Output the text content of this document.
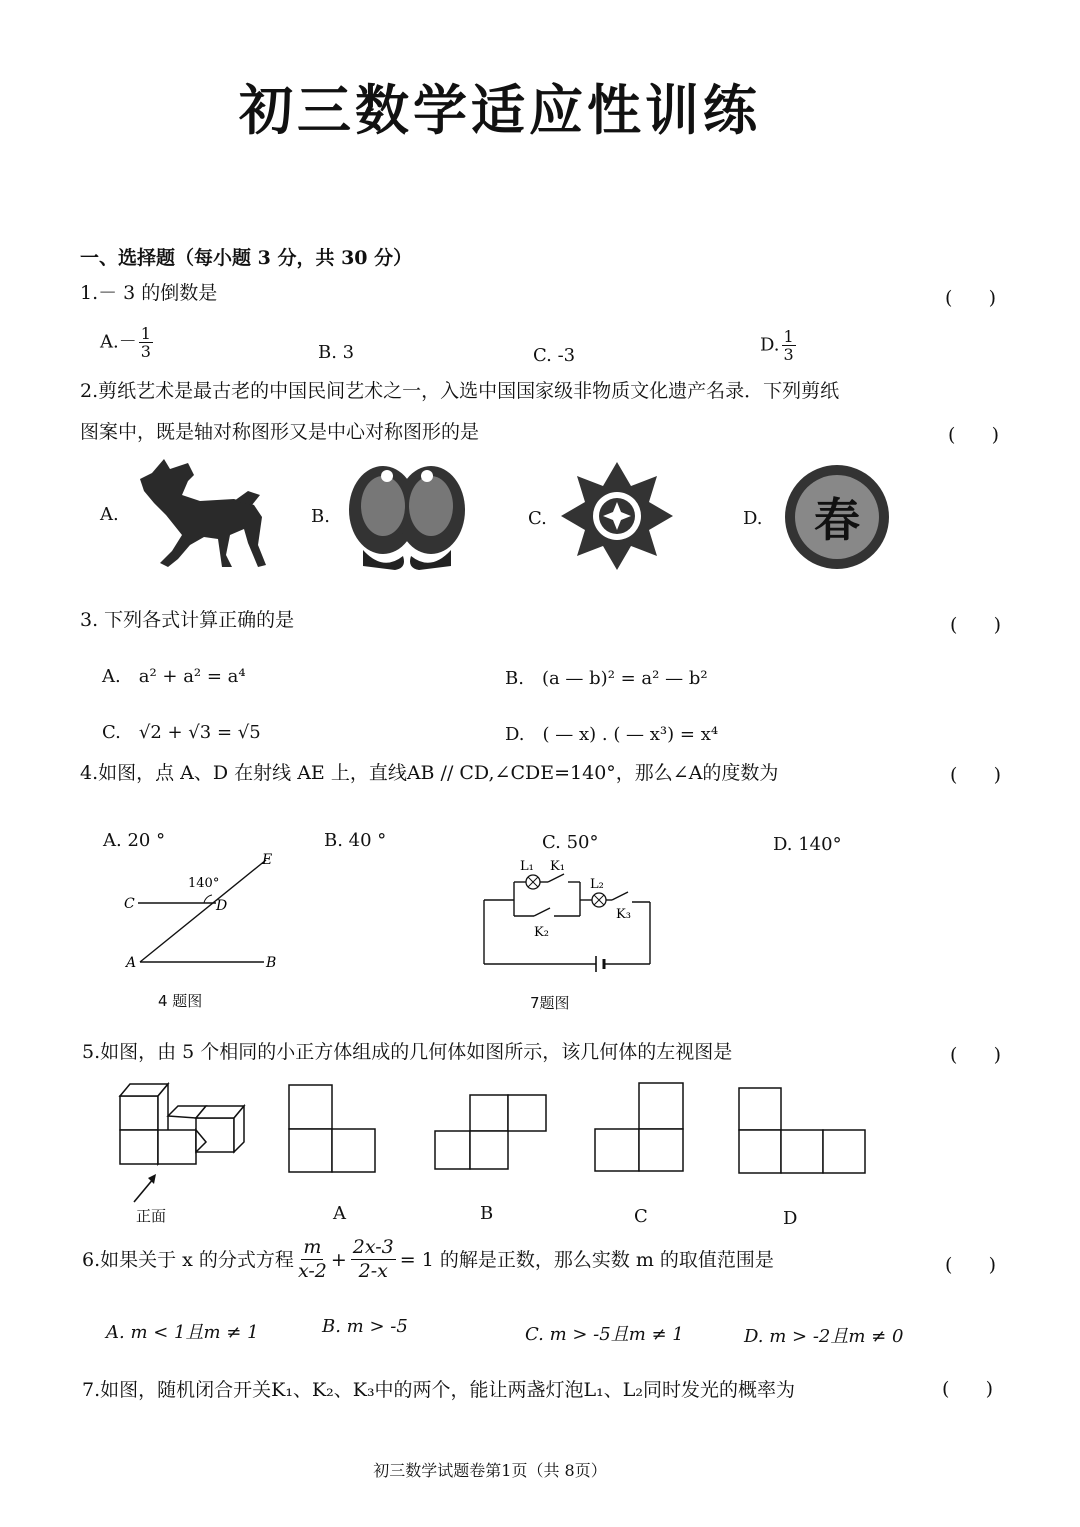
初三数学适应性训练
一、选择题（每小题 3 分，共 30 分）
1.－ 3 的倒数是	(      )
$A.- \frac{1}{3}$	B. 3	C. -3	D. $\frac{1}{3}$
2.剪纸艺术是最古老的中国民间艺术之一，入选中国国家级非物质文化遗产名录．下列剪纸
图案中，既是轴对称图形又是中心对称图形的是	(      )
A.	B.	C.	D. 春
3. 下列各式计算正确的是	(      )
A.　a² + a² = a⁴	B.　(a — b)² = a² — b²
C.　√2 + √3 = √5	D.　( — x) . ( — x³) = x⁴
4.如图，点 A、D 在射线 AE 上，直线AB // CD,∠CDE=140°，那么∠A的度数为	(      )
A. 20 °	B. 40 °	C. 50°	D. 140°
140°
E
C	D
A	B
4 题图
L₁ K₁
L₂
K₃
K₂
7题图
5.如图，由 5 个相同的小正方体组成的几何体如图所示，该几何体的左视图是	(      )
正面	A	B	C	D
6.如果关于 x 的分式方程 $\frac{m}{x-2} + \frac{2x-3}{2-x} = 1$ 的解是正数，那么实数 m 的取值范围是	(      )
A. m < 1且m ≠ 1	B. m > -5	C. m > -5且m ≠ 1	D. m > -2且m ≠ 0
7.如图，随机闭合开关K₁、K₂、K₃中的两个，能让两盏灯泡L₁、L₂同时发光的概率为	(      )
初三数学试题卷第1页（共 8页）
